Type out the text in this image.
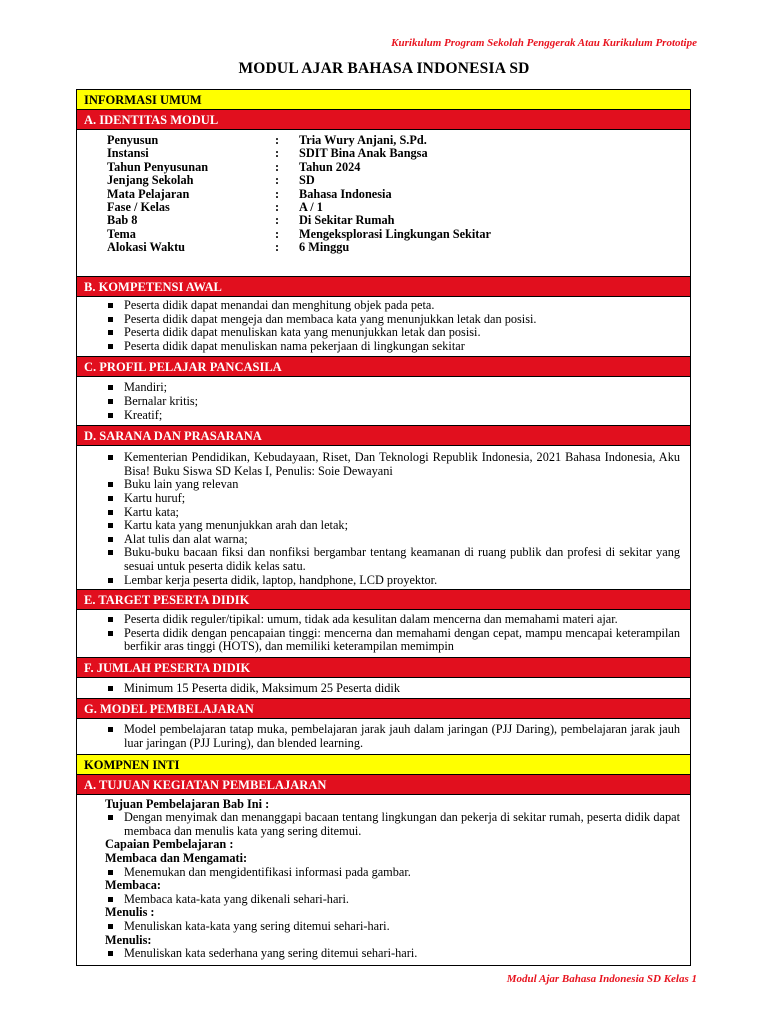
Kurikulum Program Sekolah Penggerak Atau Kurikulum Prototipe
MODUL AJAR BAHASA INDONESIA SD
INFORMASI UMUM
A. IDENTITAS MODUL
Penyusun	: Tria Wury Anjani, S.Pd.
Instansi	: SDIT Bina Anak Bangsa
Tahun Penyusunan	: Tahun 2024
Jenjang Sekolah	: SD
Mata Pelajaran	: Bahasa Indonesia
Fase / Kelas	: A / 1
Bab 8	: Di Sekitar Rumah
Tema	: Mengeksplorasi Lingkungan Sekitar
Alokasi Waktu	: 6 Minggu
B. KOMPETENSI AWAL
Peserta didik dapat menandai dan menghitung objek pada peta.
Peserta didik dapat mengeja dan membaca kata yang menunjukkan letak dan posisi.
Peserta didik dapat menuliskan kata yang menunjukkan letak dan posisi.
Peserta didik dapat menuliskan nama pekerjaan di lingkungan sekitar
C. PROFIL PELAJAR PANCASILA
Mandiri;
Bernalar kritis;
Kreatif;
D. SARANA DAN PRASARANA
Kementerian Pendidikan, Kebudayaan, Riset, Dan Teknologi Republik Indonesia, 2021 Bahasa Indonesia, Aku Bisa! Buku Siswa SD Kelas I, Penulis: Soie Dewayani
Buku lain yang relevan
Kartu huruf;
Kartu kata;
Kartu kata yang menunjukkan arah dan letak;
Alat tulis dan alat warna;
Buku-buku bacaan fiksi dan nonfiksi bergambar tentang keamanan di ruang publik dan profesi di sekitar yang sesuai untuk peserta didik kelas satu.
Lembar kerja peserta didik, laptop, handphone, LCD proyektor.
E. TARGET PESERTA DIDIK
Peserta didik reguler/tipikal: umum, tidak ada kesulitan dalam mencerna dan memahami materi ajar.
Peserta didik dengan pencapaian tinggi: mencerna dan memahami dengan cepat, mampu mencapai keterampilan berfikir aras tinggi (HOTS), dan memiliki keterampilan memimpin
F. JUMLAH PESERTA DIDIK
Minimum 15 Peserta didik, Maksimum 25 Peserta didik
G. MODEL PEMBELAJARAN
Model pembelajaran tatap muka, pembelajaran jarak jauh dalam jaringan (PJJ Daring), pembelajaran jarak jauh luar jaringan (PJJ Luring), dan blended learning.
KOMPNEN INTI
A. TUJUAN KEGIATAN PEMBELAJARAN
Tujuan Pembelajaran Bab Ini :
Dengan menyimak dan menanggapi bacaan tentang lingkungan dan pekerja di sekitar rumah, peserta didik dapat membaca dan menulis kata yang sering ditemui.
Capaian Pembelajaran :
Membaca dan Mengamati:
Menemukan dan mengidentifikasi informasi pada gambar.
Membaca:
Membaca kata-kata yang dikenali sehari-hari.
Menulis :
Menuliskan kata-kata yang sering ditemui sehari-hari.
Menulis:
Menuliskan kata sederhana yang sering ditemui sehari-hari.
Modul Ajar Bahasa Indonesia SD Kelas 1
